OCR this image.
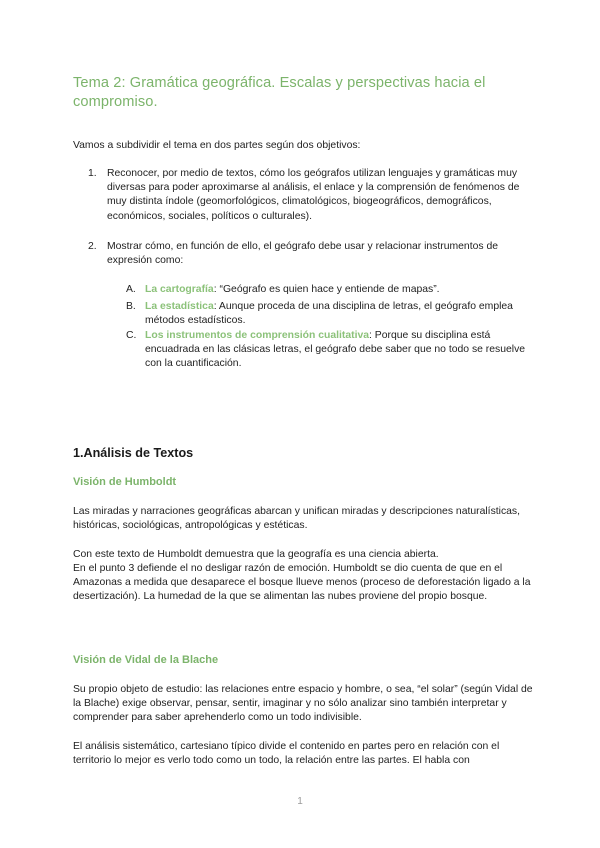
Tema 2: Gramática geográfica. Escalas y perspectivas hacia el compromiso.

Vamos a subdividir el tema en dos partes según dos objetivos:

1. Reconocer, por medio de textos, cómo los geógrafos utilizan lenguajes y gramáticas muy diversas para poder aproximarse al análisis, el enlace y la comprensión de fenómenos de muy distinta índole (geomorfológicos, climatológicos, biogeográficos, demográficos, económicos, sociales, políticos o culturales).
2. Mostrar cómo, en función de ello, el geógrafo debe usar y relacionar instrumentos de expresión como:
A. La cartografía: “Geógrafo es quien hace y entiende de mapas”.
B. La estadística: Aunque proceda de una disciplina de letras, el geógrafo emplea métodos estadísticos.
C. Los instrumentos de comprensión cualitativa: Porque su disciplina está encuadrada en las clásicas letras, el geógrafo debe saber que no todo se resuelve con la cuantificación.
1.Análisis de Textos
Visión de Humboldt

Las miradas y narraciones geográficas abarcan y unifican miradas y descripciones naturalísticas, históricas, sociológicas, antropológicas y estéticas.

Con este texto de Humboldt demuestra que la geografía es una ciencia abierta.

En el punto 3 defiende el no desligar razón de emoción. Humboldt se dio cuenta de que en el Amazonas a medida que desaparece el bosque llueve menos (proceso de deforestación ligado a la desertización). La humedad de la que se alimentan las nubes proviene del propio bosque.

Visión de Vidal de la Blache

Su propio objeto de estudio: las relaciones entre espacio y hombre, o sea, “el solar” (según Vidal de la Blache) exige observar, pensar, sentir, imaginar y no sólo analizar sino también interpretar y comprender para saber aprehenderlo como un todo indivisible.

El análisis sistemático, cartesiano típico divide el contenido en partes pero en relación con el territorio lo mejor es verlo todo como un todo, la relación entre las partes. El habla con

1
